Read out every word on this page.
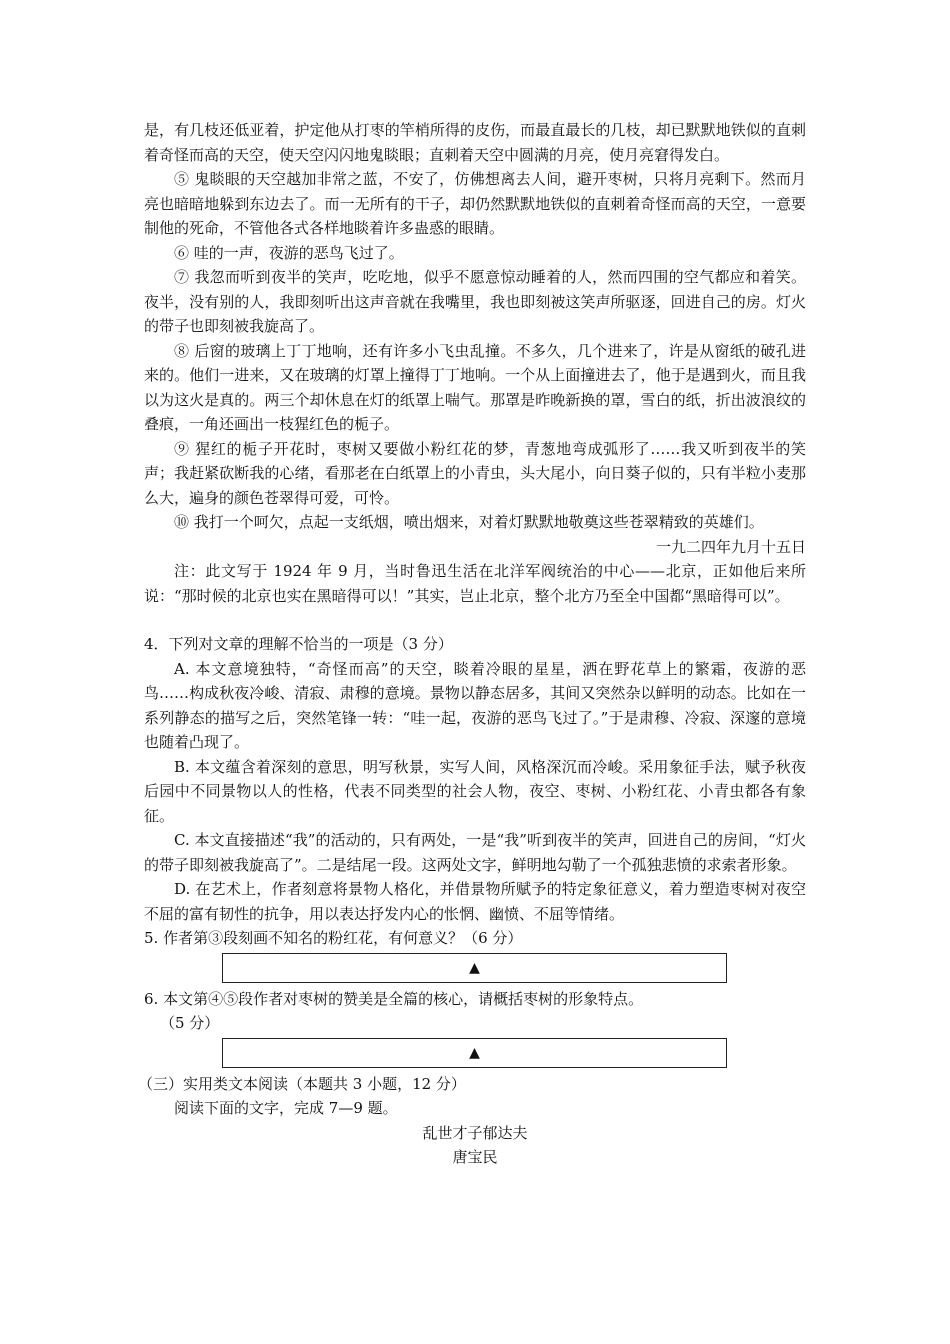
是，有几枝还低亚着，护定他从打枣的竿梢所得的皮伤，而最直最长的几枝，却已默默地铁似的直刺着奇怪而高的天空，使天空闪闪地鬼睒眼；直刺着天空中圆满的月亮，使月亮窘得发白。

⑤ 鬼睒眼的天空越加非常之蓝，不安了，仿佛想离去人间，避开枣树，只将月亮剩下。然而月亮也暗暗地躲到东边去了。而一无所有的干子，却仍然默默地铁似的直刺着奇怪而高的天空，一意要制他的死命，不管他各式各样地睒着许多蛊惑的眼睛。

⑥ 哇的一声，夜游的恶鸟飞过了。

⑦ 我忽而听到夜半的笑声，吃吃地，似乎不愿意惊动睡着的人，然而四围的空气都应和着笑。夜半，没有别的人，我即刻听出这声音就在我嘴里，我也即刻被这笑声所驱逐，回进自己的房。灯火的带子也即刻被我旋高了。

⑧ 后窗的玻璃上丁丁地响，还有许多小飞虫乱撞。不多久，几个进来了，许是从窗纸的破孔进来的。他们一进来，又在玻璃的灯罩上撞得丁丁地响。一个从上面撞进去了，他于是遇到火，而且我以为这火是真的。两三个却休息在灯的纸罩上喘气。那罩是昨晚新换的罩，雪白的纸，折出波浪纹的叠痕，一角还画出一枝猩红色的栀子。

⑨ 猩红的栀子开花时，枣树又要做小粉红花的梦，青葱地弯成弧形了……我又听到夜半的笑声；我赶紧砍断我的心绪，看那老在白纸罩上的小青虫，头大尾小，向日葵子似的，只有半粒小麦那么大，遍身的颜色苍翠得可爱，可怜。

⑩ 我打一个呵欠，点起一支纸烟，喷出烟来，对着灯默默地敬奠这些苍翠精致的英雄们。

一九二四年九月十五日

注：此文写于 1924 年 9 月，当时鲁迅生活在北洋军阀统治的中心——北京，正如他后来所说：“那时候的北京也实在黑暗得可以！”其实，岂止北京，整个北方乃至全中国都“黑暗得可以”。

4．下列对文章的理解不恰当的一项是（3 分）

A. 本文意境独特，“奇怪而高”的天空，睒着冷眼的星星，洒在野花草上的繁霜，夜游的恶鸟……构成秋夜冷峻、清寂、肃穆的意境。景物以静态居多，其间又突然杂以鲜明的动态。比如在一系列静态的描写之后，突然笔锋一转：“哇一起，夜游的恶鸟飞过了。”于是肃穆、冷寂、深邃的意境也随着凸现了。

B. 本文蕴含着深刻的意思，明写秋景，实写人间，风格深沉而冷峻。采用象征手法，赋予秋夜后园中不同景物以人的性格，代表不同类型的社会人物，夜空、枣树、小粉红花、小青虫都各有象征。

C. 本文直接描述“我”的活动的，只有两处，一是“我”听到夜半的笑声，回进自己的房间，“灯火的带子即刻被我旋高了”。二是结尾一段。这两处文字，鲜明地勾勒了一个孤独悲愤的求索者形象。

D. 在艺术上，作者刻意将景物人格化，并借景物所赋予的特定象征意义，着力塑造枣树对夜空不屈的富有韧性的抗争，用以表达抒发内心的怅惘、幽愤、不屈等情绪。

5. 作者第③段刻画不知名的粉红花，有何意义？（6 分）

▲

6. 本文第④⑤段作者对枣树的赞美是全篇的核心，请概括枣树的形象特点。

（5 分）

▲

（三）实用类文本阅读（本题共 3 小题，12 分）

阅读下面的文字，完成 7—9 题。

乱世才子郁达夫

唐宝民
